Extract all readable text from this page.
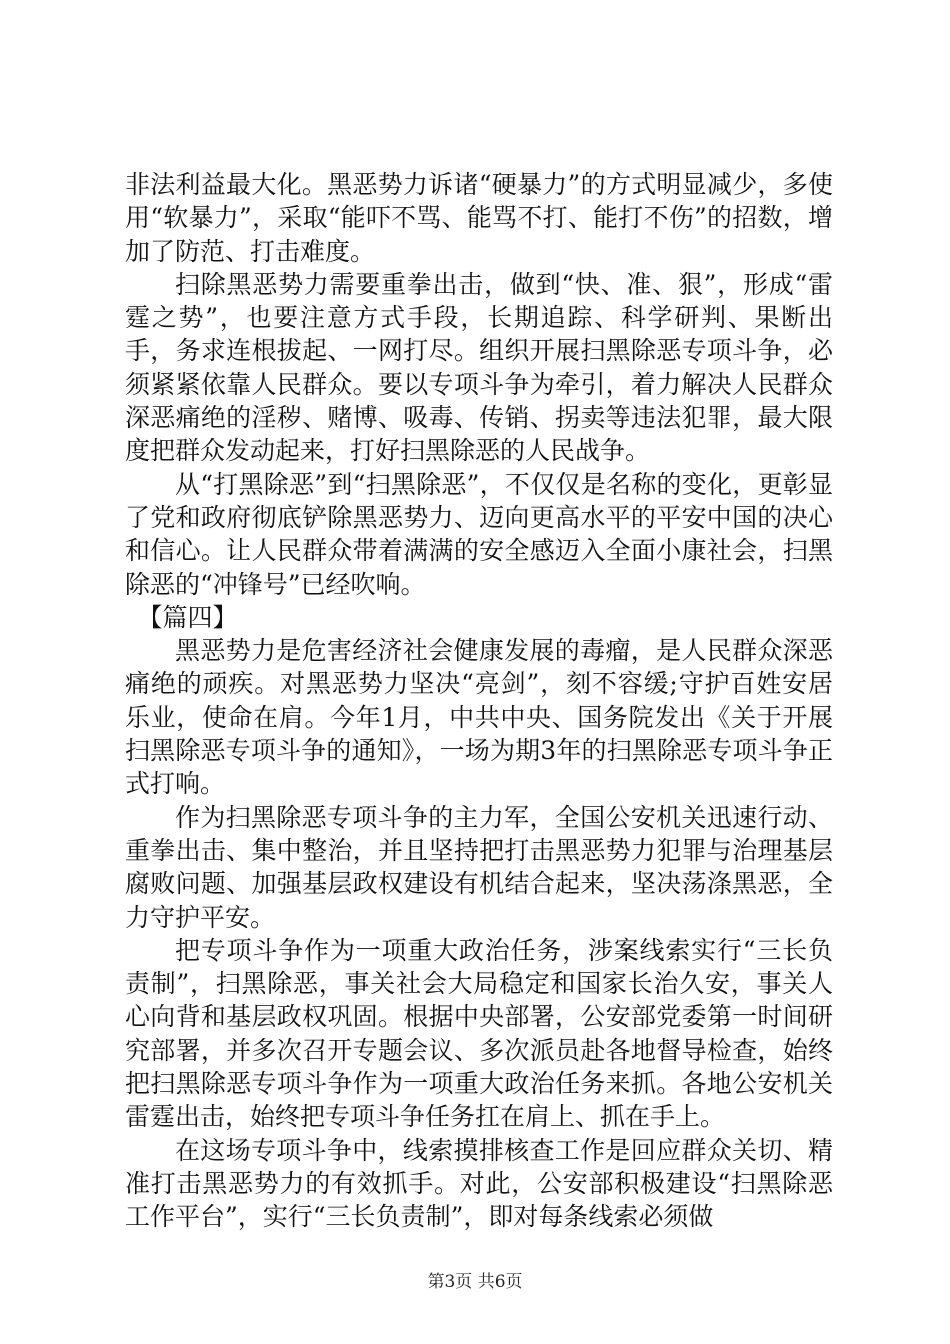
非法利益最大化。黑恶势力诉诸“硬暴力”的方式明显减少，多使用“软暴力”，采取“能吓不骂、能骂不打、能打不伤”的招数，增加了防范、打击难度。

扫除黑恶势力需要重拳出击，做到“快、准、狠”，形成“雷霆之势”，也要注意方式手段，长期追踪、科学研判、果断出手，务求连根拔起、一网打尽。组织开展扫黑除恶专项斗争，必须紧紧依靠人民群众。要以专项斗争为牵引，着力解决人民群众深恶痛绝的淫秽、赌博、吸毒、传销、拐卖等违法犯罪，最大限度把群众发动起来，打好扫黑除恶的人民战争。

从“打黑除恶”到“扫黑除恶”，不仅仅是名称的变化，更彰显了党和政府彻底铲除黑恶势力、迈向更高水平的平安中国的决心和信心。让人民群众带着满满的安全感迈入全面小康社会，扫黑除恶的“冲锋号”已经吹响。

【篇四】

黑恶势力是危害经济社会健康发展的毒瘤，是人民群众深恶痛绝的顽疾。对黑恶势力坚决“亮剑”，刻不容缓;守护百姓安居乐业，使命在肩。今年1月，中共中央、国务院发出《关于开展扫黑除恶专项斗争的通知》，一场为期3年的扫黑除恶专项斗争正式打响。

作为扫黑除恶专项斗争的主力军，全国公安机关迅速行动、重拳出击、集中整治，并且坚持把打击黑恶势力犯罪与治理基层腐败问题、加强基层政权建设有机结合起来，坚决荡涤黑恶，全力守护平安。

把专项斗争作为一项重大政治任务，涉案线索实行“三长负责制”，扫黑除恶，事关社会大局稳定和国家长治久安，事关人心向背和基层政权巩固。根据中央部署，公安部党委第一时间研究部署，并多次召开专题会议、多次派员赴各地督导检查，始终把扫黑除恶专项斗争作为一项重大政治任务来抓。各地公安机关雷霆出击，始终把专项斗争任务扛在肩上、抓在手上。

在这场专项斗争中，线索摸排核查工作是回应群众关切、精准打击黑恶势力的有效抓手。对此，公安部积极建设“扫黑除恶工作平台”，实行“三长负责制”，即对每条线索必须做

第3页 共6页
